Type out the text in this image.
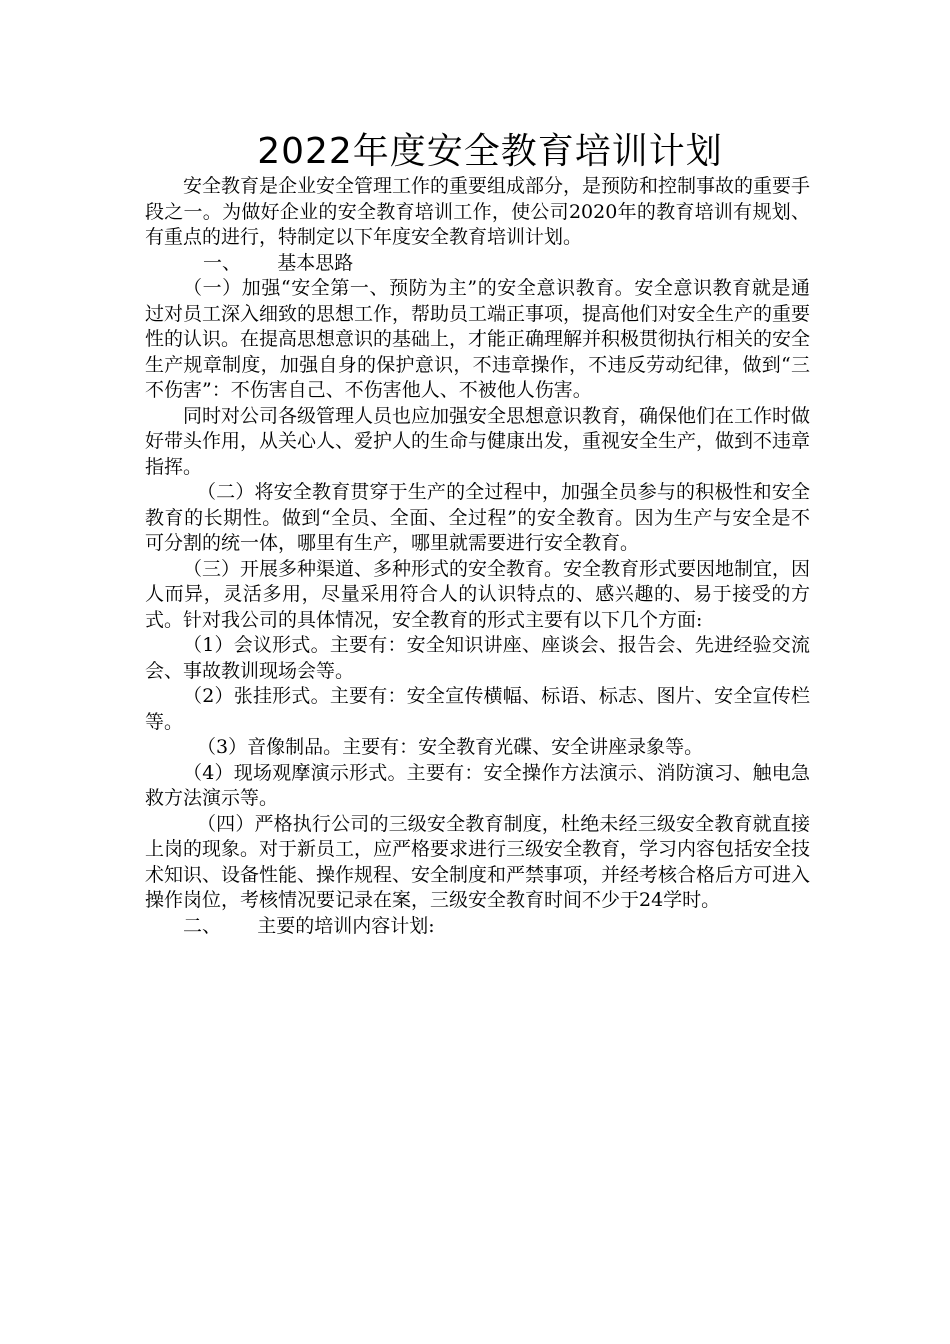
2022年度安全教育培训计划

安全教育是企业安全管理工作的重要组成部分，是预防和控制事故的重要手段之一。为做好企业的安全教育培训工作，使公司2020年的教育培训有规划、有重点的进行，特制定以下年度安全教育培训计划。

一、      基本思路

（一）加强“安全第一、预防为主”的安全意识教育。安全意识教育就是通过对员工深入细致的思想工作，帮助员工端正事项，提高他们对安全生产的重要性的认识。在提高思想意识的基础上，才能正确理解并积极贯彻执行相关的安全生产规章制度，加强自身的保护意识，不违章操作，不违反劳动纪律，做到“三不伤害”：不伤害自己、不伤害他人、不被他人伤害。

同时对公司各级管理人员也应加强安全思想意识教育，确保他们在工作时做好带头作用，从关心人、爱护人的生命与健康出发，重视安全生产，做到不违章指挥。

（二）将安全教育贯穿于生产的全过程中，加强全员参与的积极性和安全教育的长期性。做到“全员、全面、全过程”的安全教育。因为生产与安全是不可分割的统一体，哪里有生产，哪里就需要进行安全教育。

（三）开展多种渠道、多种形式的安全教育。安全教育形式要因地制宜，因人而异，灵活多用，尽量采用符合人的认识特点的、感兴趣的、易于接受的方式。针对我公司的具体情况，安全教育的形式主要有以下几个方面:

（1）会议形式。主要有：安全知识讲座、座谈会、报告会、先进经验交流会、事故教训现场会等。

（2）张挂形式。主要有：安全宣传横幅、标语、标志、图片、安全宣传栏等。

（3）音像制品。主要有：安全教育光碟、安全讲座录象等。

（4）现场观摩演示形式。主要有：安全操作方法演示、消防演习、触电急救方法演示等。

（四）严格执行公司的三级安全教育制度，杜绝未经三级安全教育就直接上岗的现象。对于新员工，应严格要求进行三级安全教育，学习内容包括安全技术知识、设备性能、操作规程、安全制度和严禁事项，并经考核合格后方可进入操作岗位，考核情况要记录在案，三级安全教育时间不少于24学时。

二、      主要的培训内容计划:
